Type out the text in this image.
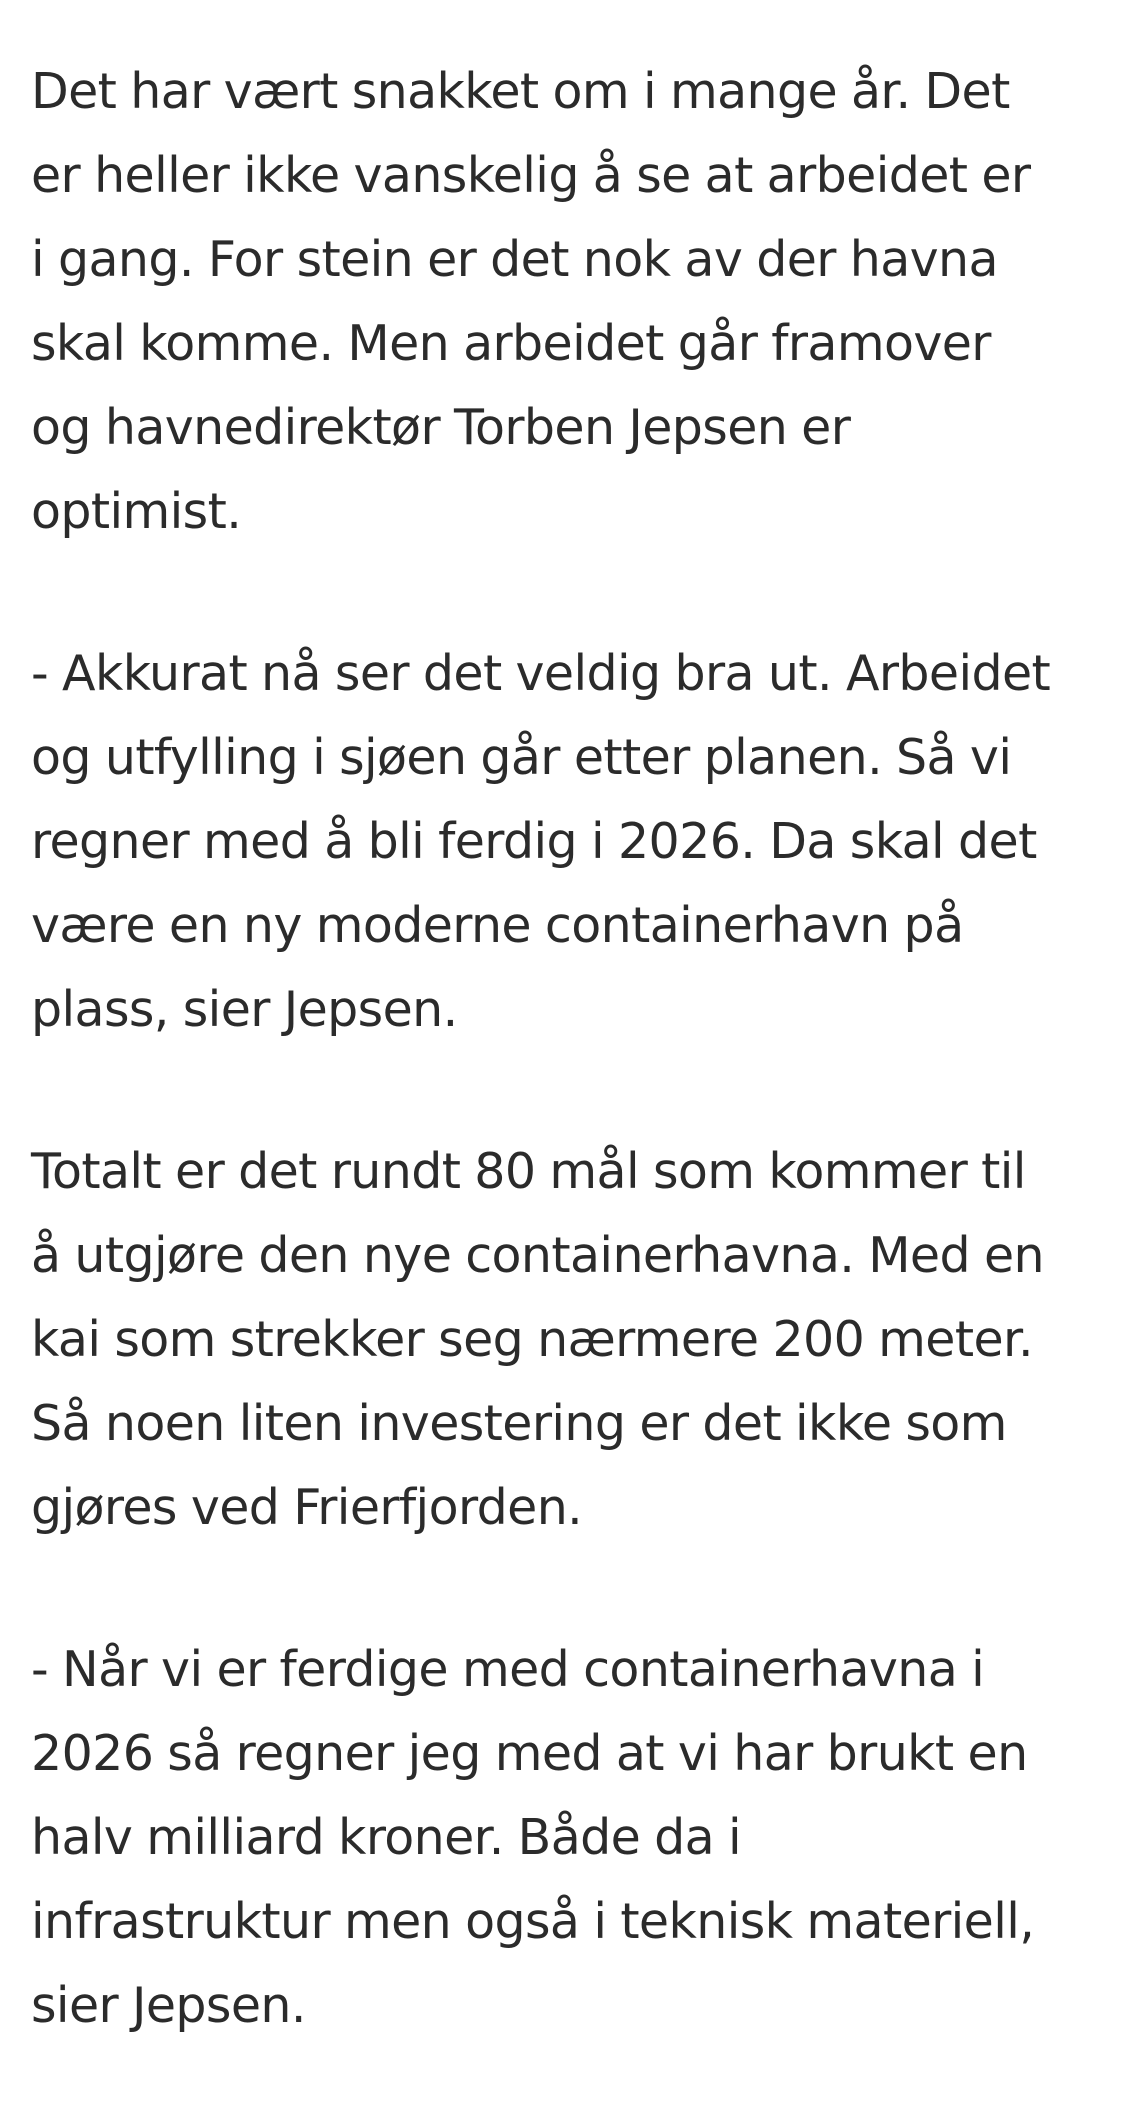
Det har vært snakket om i mange år. Det
er heller ikke vanskelig å se at arbeidet er
i gang. For stein er det nok av der havna
skal komme. Men arbeidet går framover
og havnedirektør Torben Jepsen er
optimist.

- Akkurat nå ser det veldig bra ut. Arbeidet
og utfylling i sjøen går etter planen. Så vi
regner med å bli ferdig i 2026. Da skal det
være en ny moderne containerhavn på
plass, sier Jepsen.

Totalt er det rundt 80 mål som kommer til
å utgjøre den nye containerhavna. Med en
kai som strekker seg nærmere 200 meter.
Så noen liten investering er det ikke som
gjøres ved Frierfjorden.

- Når vi er ferdige med containerhavna i
2026 så regner jeg med at vi har brukt en
halv milliard kroner. Både da i
infrastruktur men også i teknisk materiell,
sier Jepsen.
